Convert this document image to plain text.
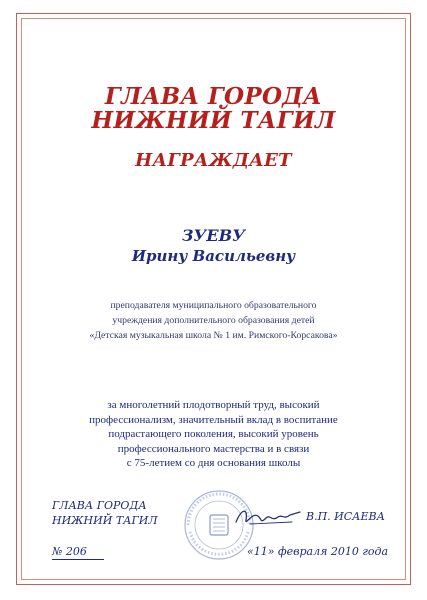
ГЛАВА ГОРОДА
НИЖНИЙ ТАГИЛ
НАГРАЖДАЕТ
ЗУЕВУ
Ирину Васильевну
преподавателя муниципального образовательного
учреждения дополнительного образования детей
«Детская музыкальная школа № 1 им. Римского-Корсакова»
за многолетний плодотворный труд, высокий
профессионализм, значительный вклад в воспитание
подрастающего поколения, высокий уровень
профессионального мастерства и в связи
с 75-летием со дня основания школы
ГЛАВА ГОРОДА
НИЖНИЙ ТАГИЛ	В.П. ИСАЕВА
№ 206	«11» февраля 2010 года
